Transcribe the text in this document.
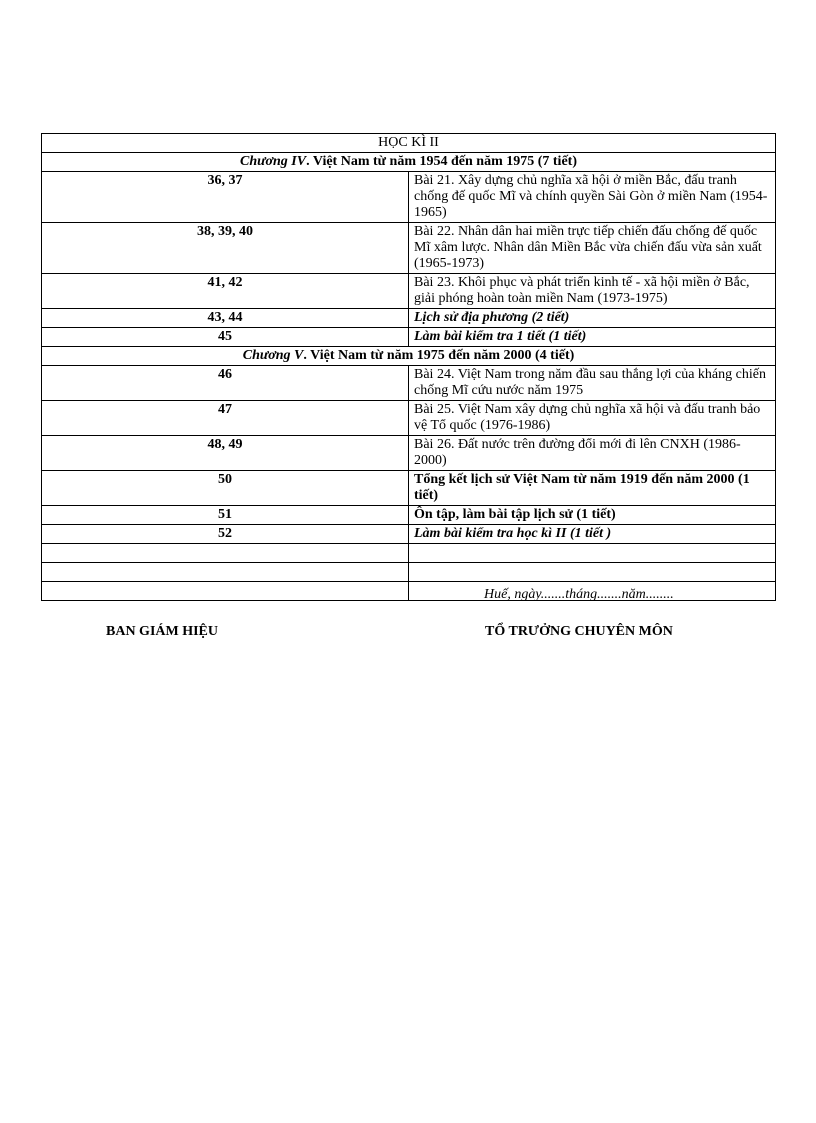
HỌC KÌ II	
Chương IV. Việt Nam từ năm 1954 đến năm 1975 (7 tiết)	
36, 37	Bài 21. Xây dựng chủ nghĩa xã hội ở miền Bắc, đấu tranh chống đế quốc Mĩ và chính quyền Sài Gòn ở miền Nam (1954-1965)
38, 39, 40	Bài 22. Nhân dân hai miền trực tiếp chiến đấu chống đế quốc Mĩ xâm lược. Nhân dân Miền Bắc vừa chiến đấu vừa sản xuất (1965-1973)
41, 42	Bài 23. Khôi phục và phát triển kinh tế - xã hội miền ở Bắc, giải phóng hoàn toàn miền Nam (1973-1975)
43, 44	Lịch sử địa phương (2 tiết)
45	Làm bài kiểm tra 1 tiết (1 tiết)
Chương V. Việt Nam từ năm 1975 đến năm 2000 (4 tiết)	
46	Bài 24. Việt Nam trong năm đầu sau thắng lợi của kháng chiến chống Mĩ cứu nước năm 1975
47	Bài 25. Việt Nam xây dựng chủ nghĩa xã hội và đấu tranh bảo vệ Tổ quốc (1976-1986)
48, 49	Bài 26. Đất nước trên đường đổi mới đi lên CNXH (1986-2000)
50	Tổng kết lịch sử Việt Nam từ năm 1919 đến năm 2000 (1 tiết)
51	Ôn tập, làm bài tập lịch sử (1 tiết)
52	Làm bài kiểm tra học kì II (1 tiết )

Huế, ngày.......tháng.......năm........
BAN GIÁM HIỆU	TỔ TRƯỞNG CHUYÊN MÔN
